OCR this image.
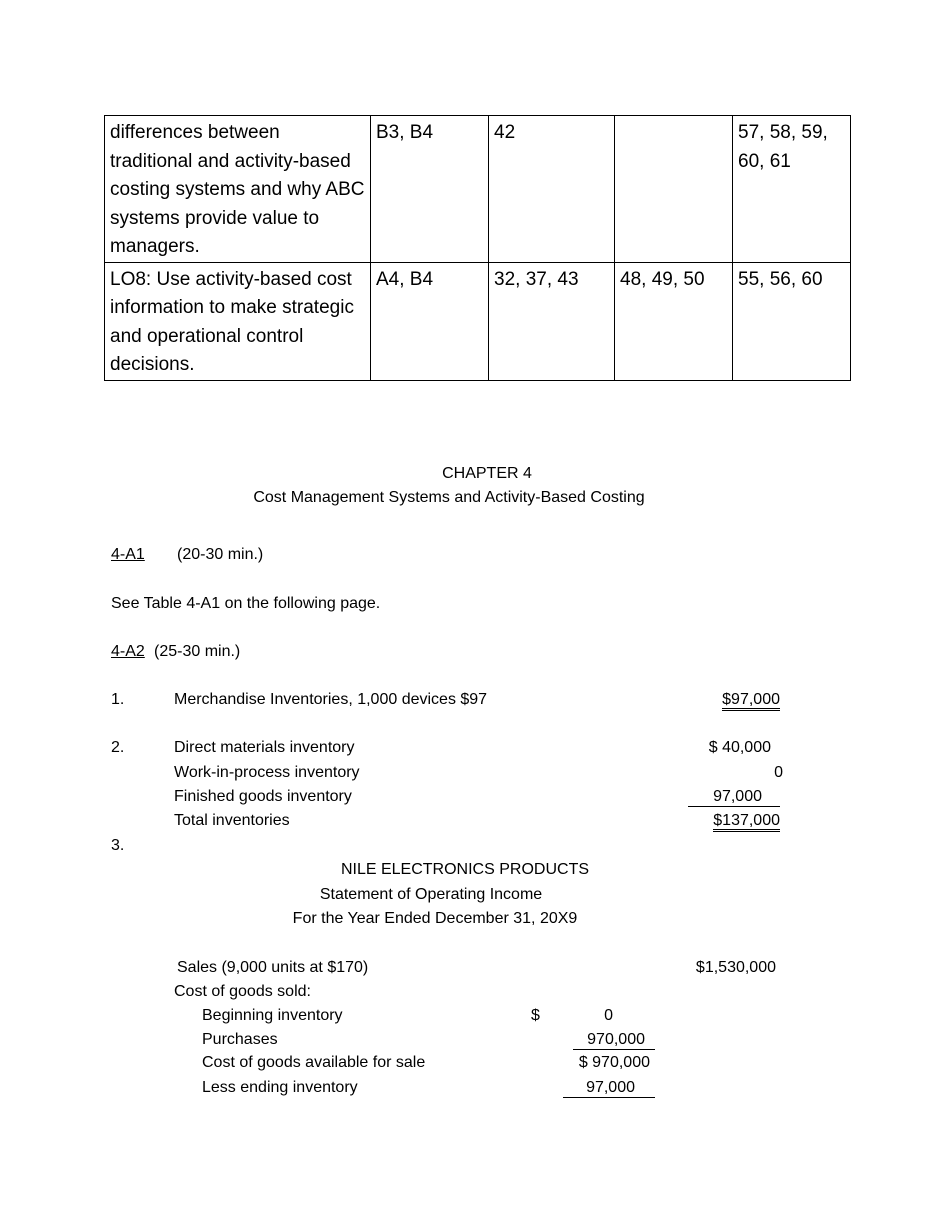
differences between traditional and activity-based costing systems and why ABC systems provide value to managers.	B3, B4	42		57, 58, 59, 60, 61
LO8: Use activity-based cost information to make strategic and operational control decisions.	A4, B4	32, 37, 43	48, 49, 50	55, 56, 60
CHAPTER 4
Cost Management Systems and Activity-Based Costing
4-A1 (20-30 min.)
See Table 4-A1 on the following page.
4-A2 (25-30 min.)
1.	Merchandise Inventories, 1,000 devices $97	$97,000
2.	Direct materials inventory	$ 40,000
Work-in-process inventory	0
Finished goods inventory	97,000
Total inventories	$137,000
3.
NILE ELECTRONICS PRODUCTS
Statement of Operating Income
For the Year Ended December 31, 20X9
Sales (9,000 units at $170)	$1,530,000
Cost of goods sold:
Beginning inventory	$	0
Purchases	970,000
Cost of goods available for sale	$ 970,000
Less ending inventory	97,000
